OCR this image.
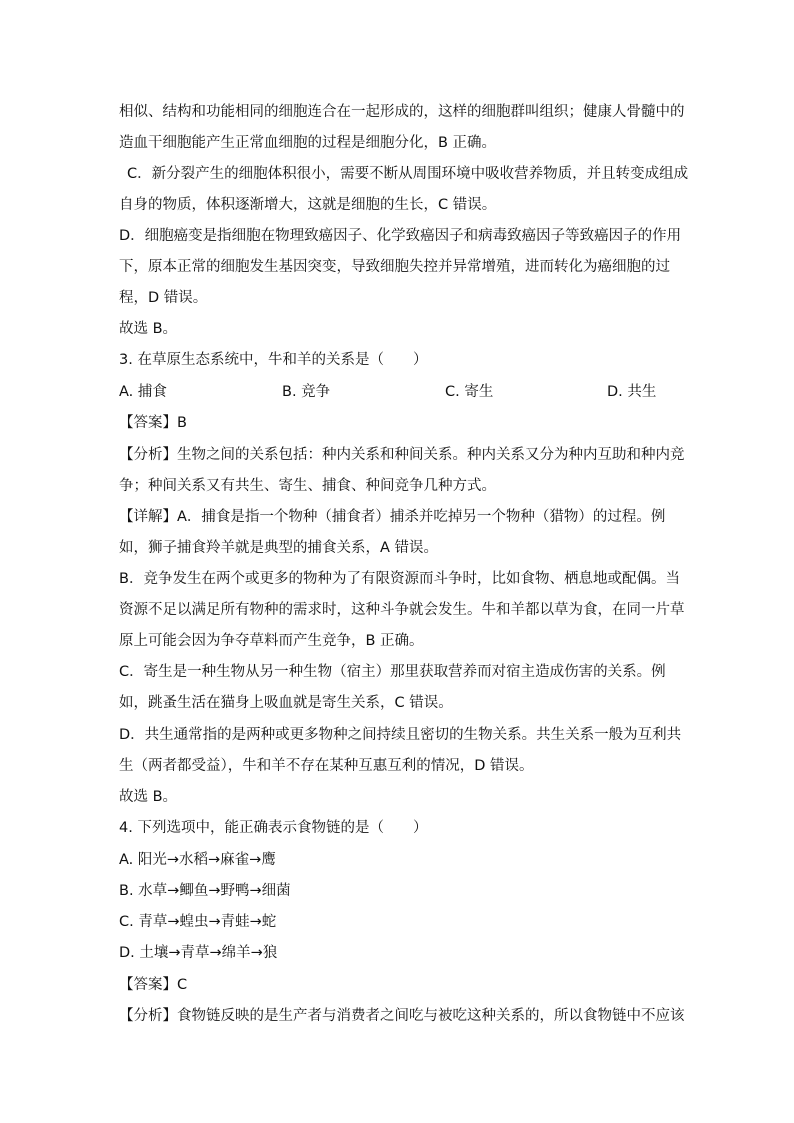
相似、结构和功能相同的细胞连合在一起形成的，这样的细胞群叫组织；健康人骨髓中的
造血干细胞能产生正常血细胞的过程是细胞分化，B 正确。
C．新分裂产生的细胞体积很小，需要不断从周围环境中吸收营养物质，并且转变成组成
自身的物质，体积逐渐增大，这就是细胞的生长，C 错误。
D．细胞癌变是指细胞在物理致癌因子、化学致癌因子和病毒致癌因子等致癌因子的作用
下，原本正常的细胞发生基因突变，导致细胞失控并异常增殖，进而转化为癌细胞的过
程，D 错误。
故选 B。
3. 在草原生态系统中，牛和羊的关系是（　　）
A. 捕食	B. 竞争	C. 寄生	D. 共生
【答案】B
【分析】生物之间的关系包括：种内关系和种间关系。种内关系又分为种内互助和种内竞
争；种间关系又有共生、寄生、捕食、种间竞争几种方式。
【详解】A．捕食是指一个物种（捕食者）捕杀并吃掉另一个物种（猎物）的过程。例
如，狮子捕食羚羊就是典型的捕食关系，A 错误。
B．竞争发生在两个或更多的物种为了有限资源而斗争时，比如食物、栖息地或配偶。当
资源不足以满足所有物种的需求时，这种斗争就会发生。牛和羊都以草为食，在同一片草
原上可能会因为争夺草料而产生竞争，B 正确。
C．寄生是一种生物从另一种生物（宿主）那里获取营养而对宿主造成伤害的关系。例
如，跳蚤生活在猫身上吸血就是寄生关系，C 错误。
D．共生通常指的是两种或更多物种之间持续且密切的生物关系。共生关系一般为互利共
生（两者都受益），牛和羊不存在某种互惠互利的情况，D 错误。
故选 B。
4. 下列选项中，能正确表示食物链的是（　　）
A. 阳光→水稻→麻雀→鹰
B. 水草→鲫鱼→野鸭→细菌
C. 青草→蝗虫→青蛙→蛇
D. 土壤→青草→绵羊→狼
【答案】C
【分析】食物链反映的是生产者与消费者之间吃与被吃这种关系的，所以食物链中不应该
